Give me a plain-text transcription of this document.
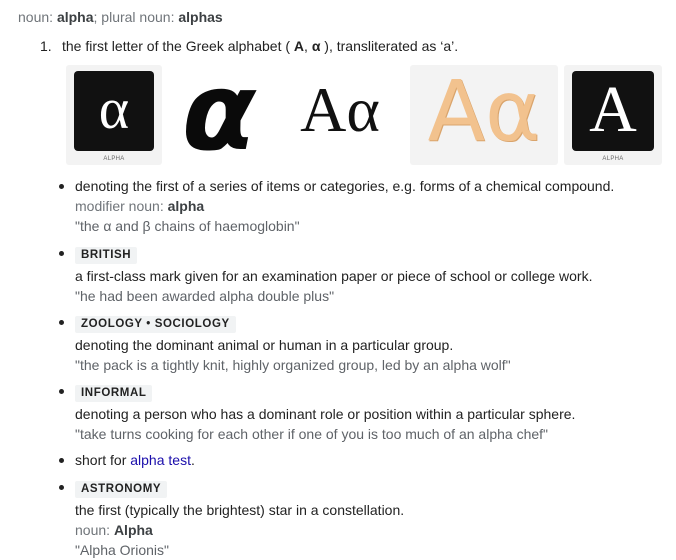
noun: alpha; plural noun: alphas
1. the first letter of the Greek alphabet ( A, α ), transliterated as ‘a’.
α
ALPHA α Aα Aα A
ALPHA
denoting the first of a series of items or categories, e.g. forms of a chemical compound.
modifier noun: alpha
"the α and β chains of haemoglobin"
BRITISH
a first-class mark given for an examination paper or piece of school or college work.
"he had been awarded alpha double plus"
ZOOLOGY • SOCIOLOGY
denoting the dominant animal or human in a particular group.
"the pack is a tightly knit, highly organized group, led by an alpha wolf"
INFORMAL
denoting a person who has a dominant role or position within a particular sphere.
"take turns cooking for each other if one of you is too much of an alpha chef"
short for alpha test.
ASTRONOMY
the first (typically the brightest) star in a constellation.
noun: Alpha
"Alpha Orionis"
